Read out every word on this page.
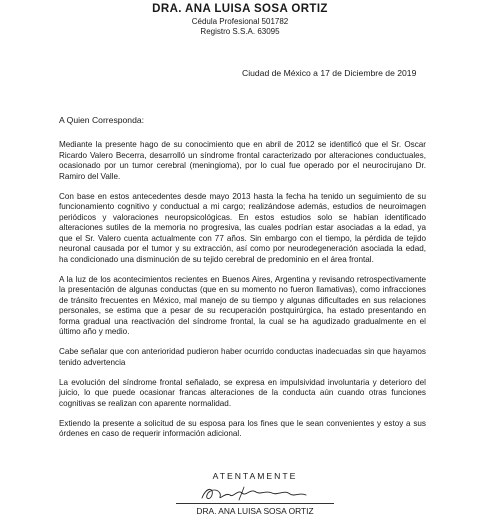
DRA. ANA LUISA SOSA ORTIZ
Cédula Profesional 501782
Registro S.S.A. 63095
Ciudad de México a 17 de Diciembre de 2019
A Quien Corresponda:

Mediante la presente hago de su conocimiento que en abril de 2012 se identificó que el Sr. Oscar Ricardo Valero Becerra, desarrolló un síndrome frontal caracterizado por alteraciones conductuales, ocasionado por un tumor cerebral (meningioma), por lo cual fue operado por el neurocirujano Dr. Ramiro del Valle.

Con base en estos antecedentes desde mayo 2013 hasta la fecha ha tenido un seguimiento de su funcionamiento cognitivo y conductual a mi cargo; realizándose además, estudios de neuroimagen periódicos y valoraciones neuropsicológicas. En estos estudios solo se habían identificado alteraciones sutiles de la memoria no progresiva, las cuales podrían estar asociadas a la edad, ya que el Sr. Valero cuenta actualmente con 77 años. Sin embargo con el tiempo, la pérdida de tejido neuronal causada por el tumor y su extracción, así como por neurodegeneración asociada la edad, ha condicionado una disminución de su tejido cerebral de predominio en el área frontal.

A la luz de los acontecimientos recientes en Buenos Aires, Argentina y revisando retrospectivamente la presentación de algunas conductas (que en su momento no fueron llamativas), como infracciones de tránsito frecuentes en México, mal manejo de su tiempo y algunas dificultades en sus relaciones personales, se estima que a pesar de su recuperación postquirúrgica, ha estado presentando en forma gradual una reactivación del síndrome frontal, la cual se ha agudizado gradualmente en el último año y medio.

Cabe señalar que con anterioridad pudieron haber ocurrido conductas inadecuadas sin que hayamos tenido advertencia

La evolución del síndrome frontal señalado, se expresa en impulsividad involuntaria y deterioro del juicio, lo que puede ocasionar francas alteraciones de la conducta aún cuando otras funciones cognitivas se realizan con aparente normalidad.

Extiendo la presente a solicitud de su esposa para los fines que le sean convenientes y estoy a sus órdenes en caso de requerir información adicional.

ATENTAMENTE
DRA. ANA LUISA SOSA ORTIZ
